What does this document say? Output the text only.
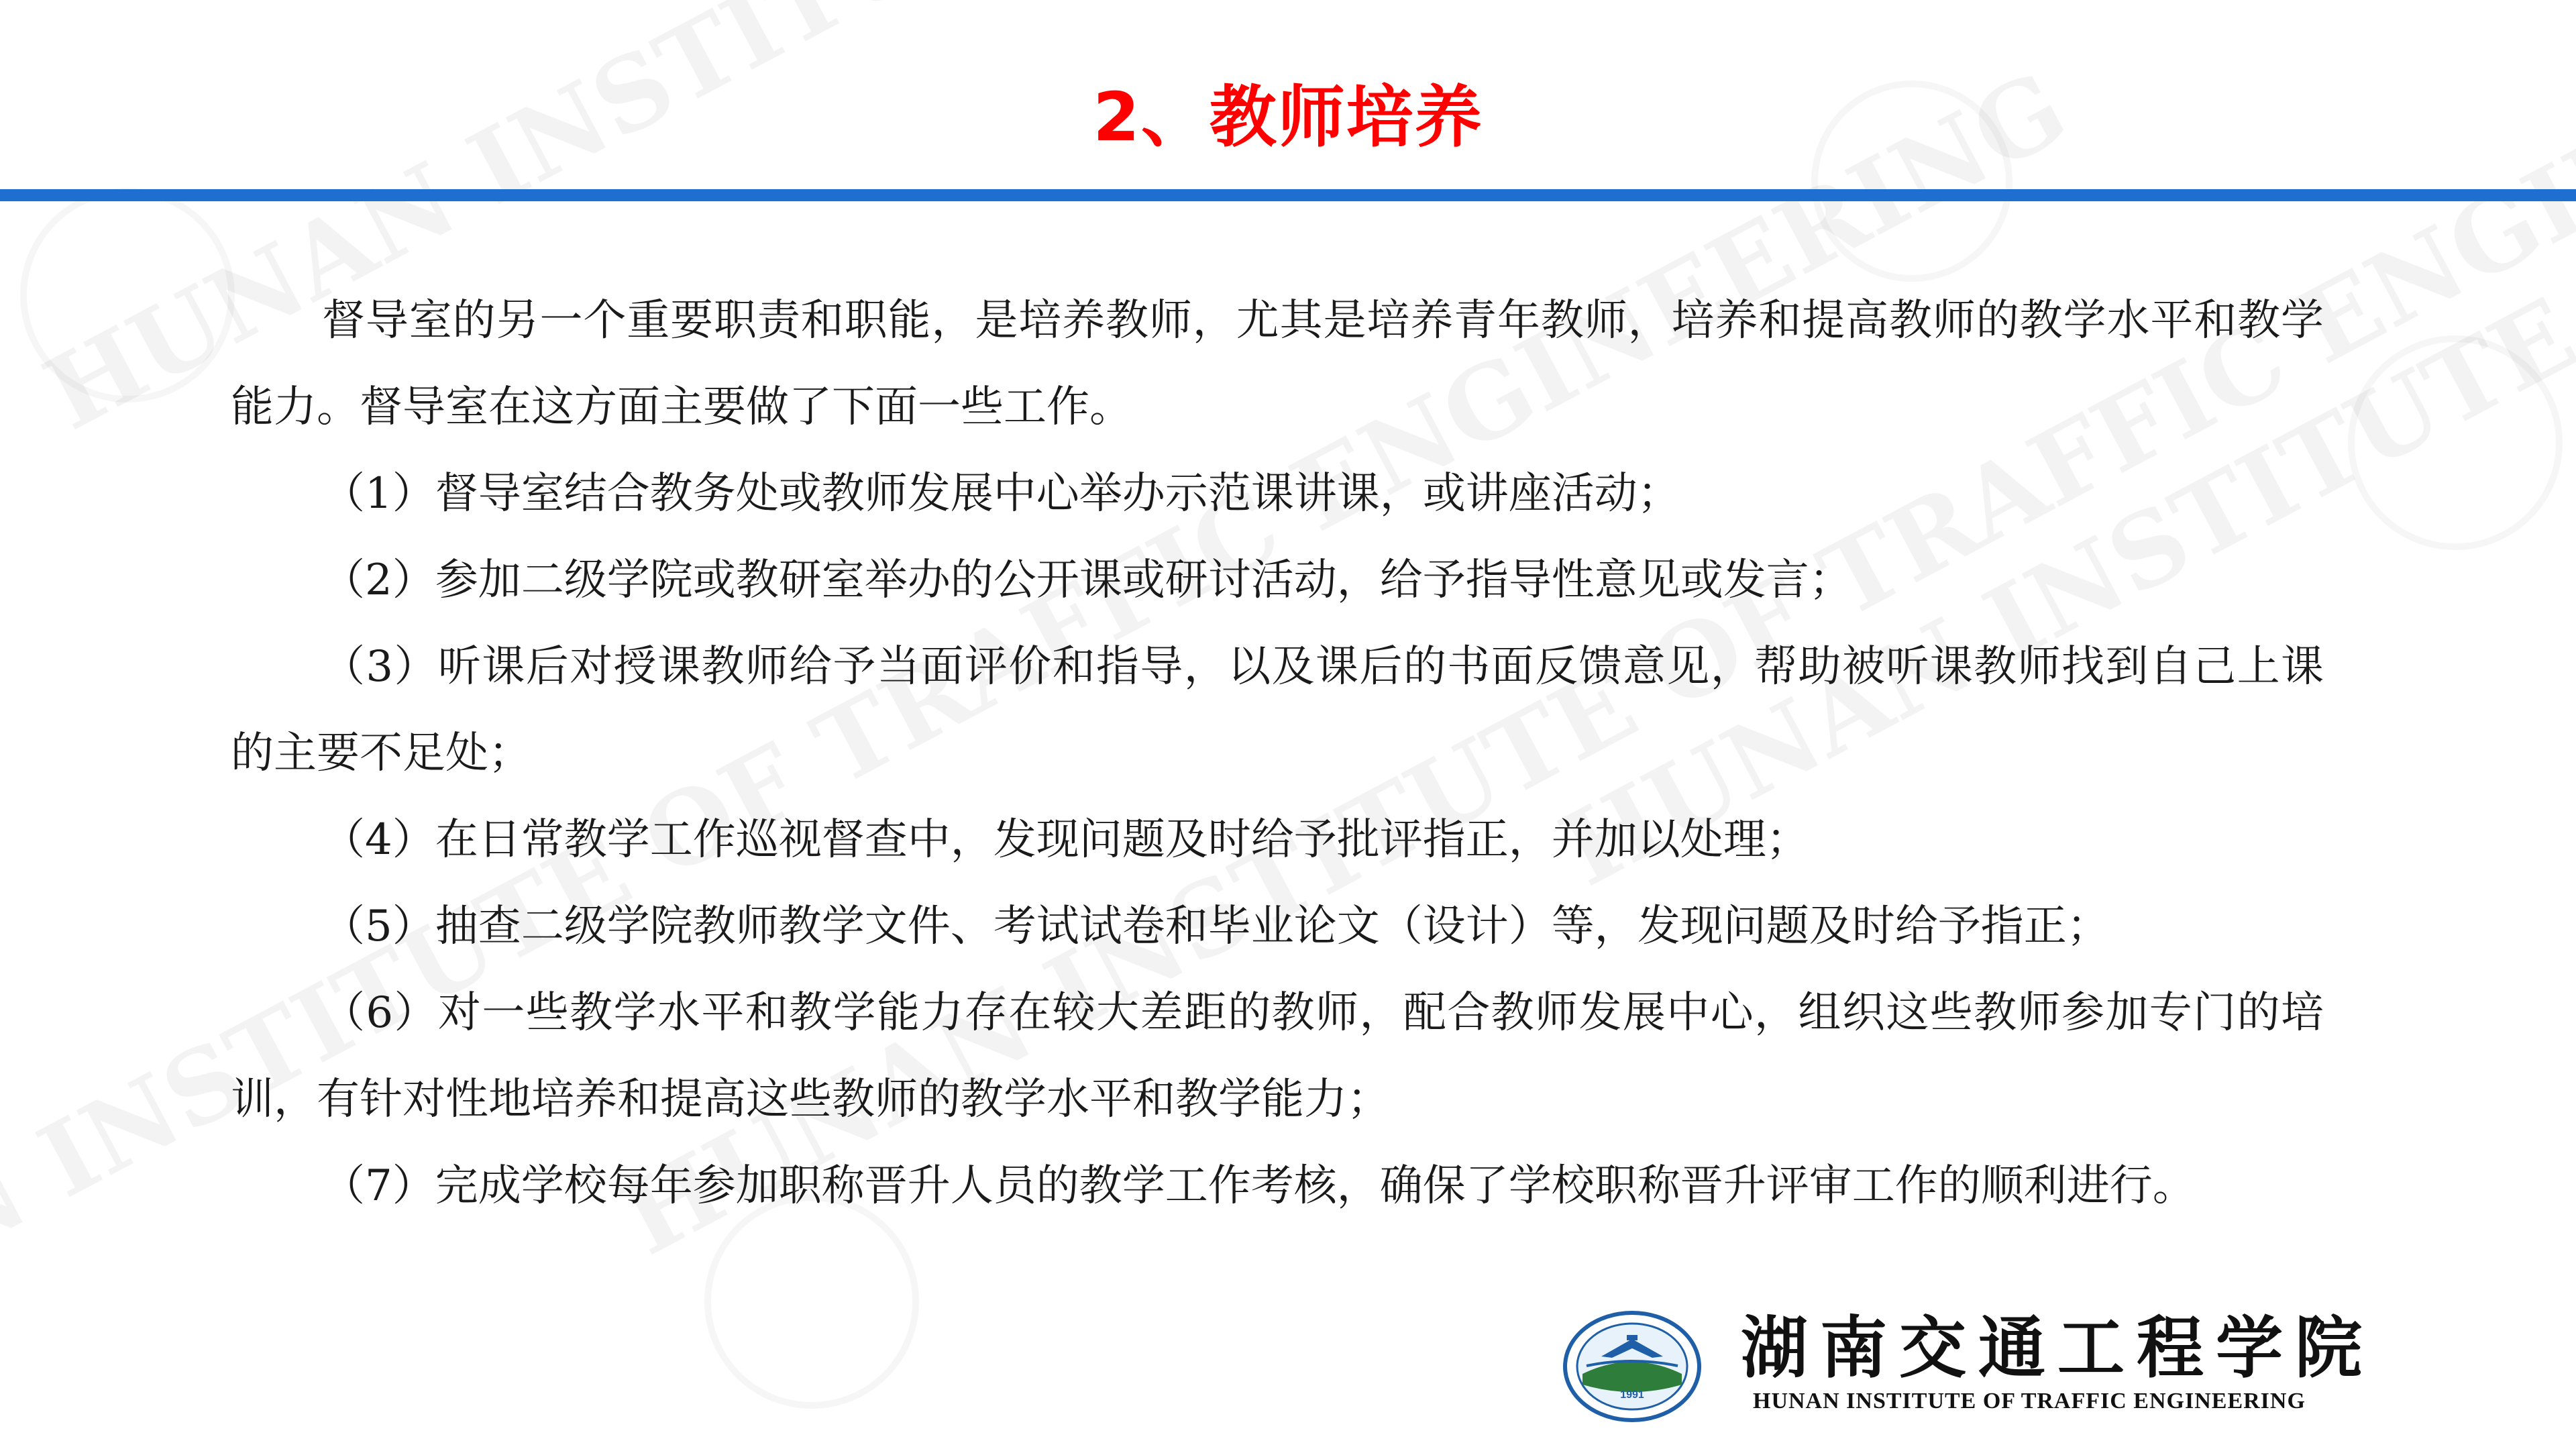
2、教师培养

督导室的另一个重要职责和职能，是培养教师，尤其是培养青年教师，培养和提高教师的教学水平和教学能力。督导室在这方面主要做了下面一些工作。

（1）督导室结合教务处或教师发展中心举办示范课讲课，或讲座活动；

（2）参加二级学院或教研室举办的公开课或研讨活动，给予指导性意见或发言；

（3）听课后对授课教师给予当面评价和指导，以及课后的书面反馈意见，帮助被听课教师找到自己上课的主要不足处；

（4）在日常教学工作巡视督查中，发现问题及时给予批评指正，并加以处理；

（5）抽查二级学院教师教学文件、考试试卷和毕业论文（设计）等，发现问题及时给予指正；

（6）对一些教学水平和教学能力存在较大差距的教师，配合教师发展中心，组织这些教师参加专门的培训，有针对性地培养和提高这些教师的教学水平和教学能力；

（7）完成学校每年参加职称晋升人员的教学工作考核，确保了学校职称晋升评审工作的顺利进行。

1991
湖南交通工程学院
HUNAN INSTITUTE OF TRAFFIC ENGINEERING
